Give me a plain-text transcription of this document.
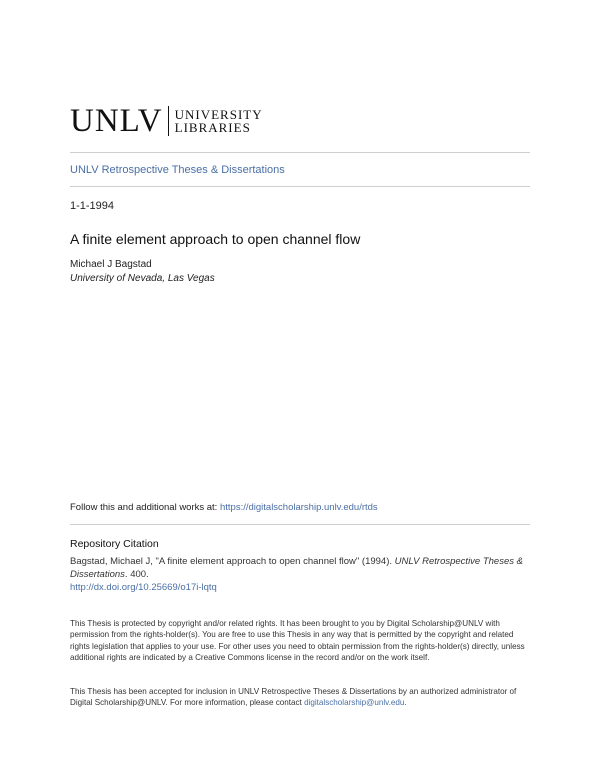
UNLV UNIVERSITY
LIBRARIES
UNLV Retrospective Theses & Dissertations
1-1-1994
A finite element approach to open channel flow
Michael J Bagstad
University of Nevada, Las Vegas
Follow this and additional works at: https://digitalscholarship.unlv.edu/rtds
Repository Citation
Bagstad, Michael J, "A finite element approach to open channel flow" (1994). UNLV Retrospective Theses & Dissertations. 400.
http://dx.doi.org/10.25669/o17i-lqtq
This Thesis is protected by copyright and/or related rights. It has been brought to you by Digital Scholarship@UNLV with permission from the rights-holder(s). You are free to use this Thesis in any way that is permitted by the copyright and related rights legislation that applies to your use. For other uses you need to obtain permission from the rights-holder(s) directly, unless additional rights are indicated by a Creative Commons license in the record and/or on the work itself.
This Thesis has been accepted for inclusion in UNLV Retrospective Theses & Dissertations by an authorized administrator of Digital Scholarship@UNLV. For more information, please contact digitalscholarship@unlv.edu.
